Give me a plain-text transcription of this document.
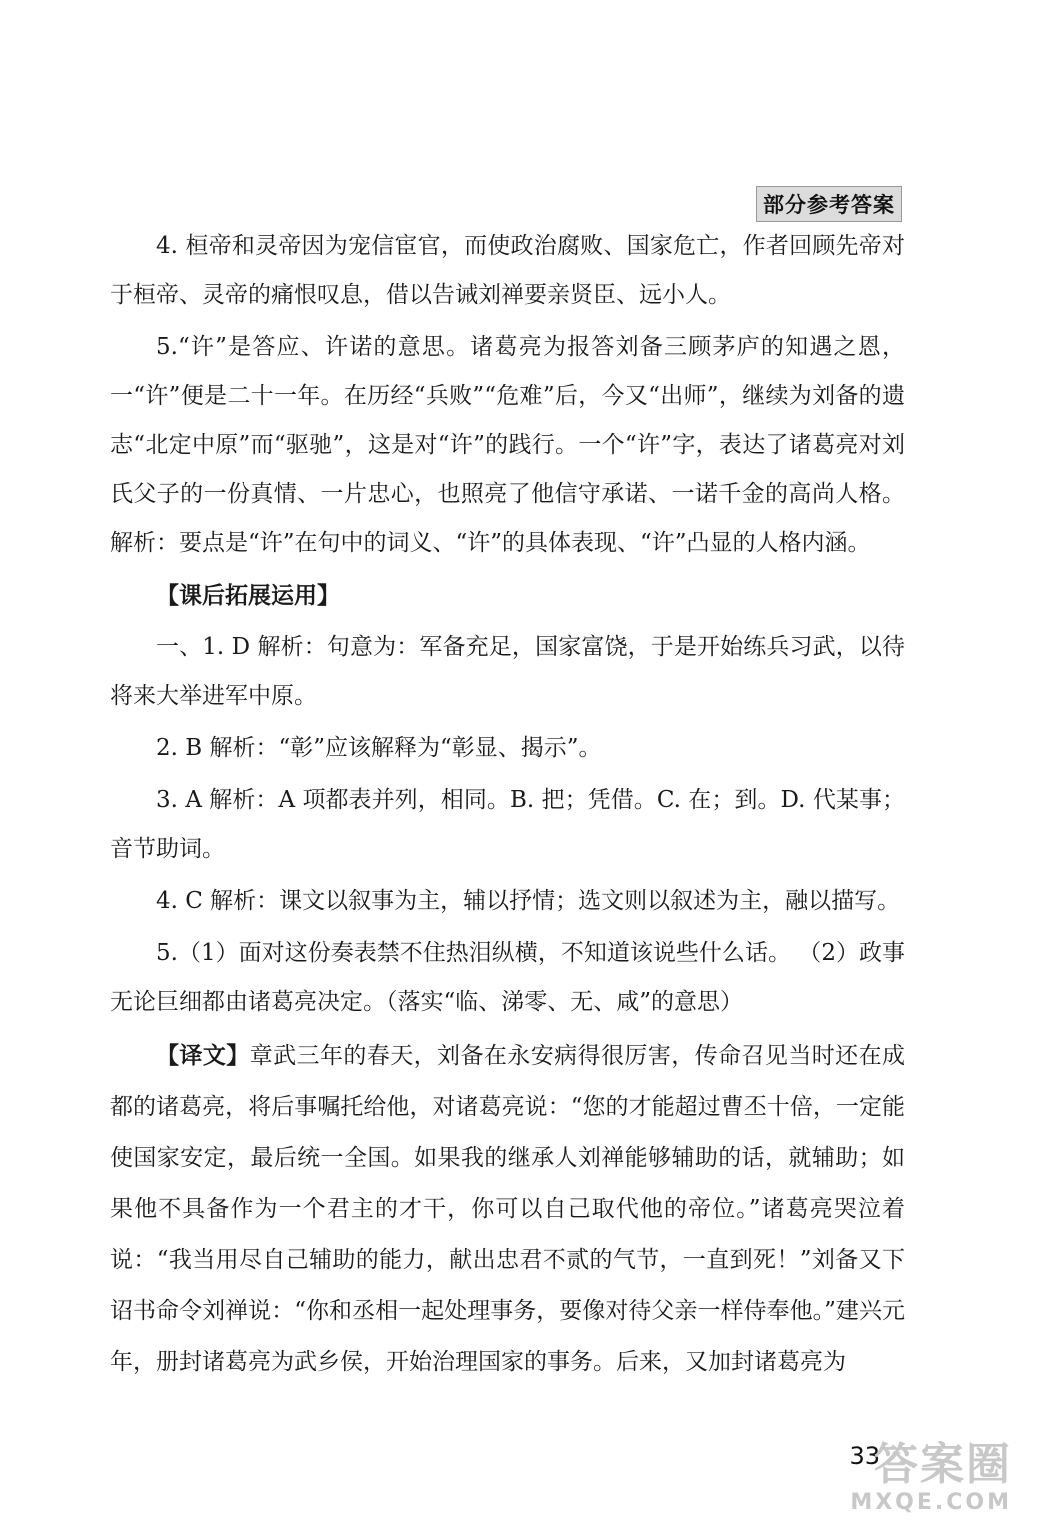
部分参考答案

4. 桓帝和灵帝因为宠信宦官，而使政治腐败、国家危亡，作者回顾先帝对于桓帝、灵帝的痛恨叹息，借以告诫刘禅要亲贤臣、远小人。

5.“许”是答应、许诺的意思。诸葛亮为报答刘备三顾茅庐的知遇之恩，一“许”便是二十一年。在历经“兵败”“危难”后，今又“出师”，继续为刘备的遗志“北定中原”而“驱驰”，这是对“许”的践行。一个“许”字，表达了诸葛亮对刘氏父子的一份真情、一片忠心，也照亮了他信守承诺、一诺千金的高尚人格。 解析：要点是“许”在句中的词义、“许”的具体表现、“许”凸显的人格内涵。

【课后拓展运用】

一、1. D 解析：句意为：军备充足，国家富饶，于是开始练兵习武，以待将来大举进军中原。

2. B 解析：“彰”应该解释为“彰显、揭示”。

3. A 解析：A 项都表并列，相同。B. 把；凭借。C. 在；到。D. 代某事；音节助词。

4. C 解析：课文以叙事为主，辅以抒情；选文则以叙述为主，融以描写。

5.（1）面对这份奏表禁不住热泪纵横，不知道该说些什么话。 （2）政事无论巨细都由诸葛亮决定。（落实“临、涕零、无、咸”的意思）

【译文】章武三年的春天，刘备在永安病得很厉害，传命召见当时还在成都的诸葛亮，将后事嘱托给他，对诸葛亮说：“您的才能超过曹丕十倍，一定能使国家安定，最后统一全国。如果我的继承人刘禅能够辅助的话，就辅助；如果他不具备作为一个君主的才干，你可以自己取代他的帝位。”诸葛亮哭泣着说：“我当用尽自己辅助的能力，献出忠君不贰的气节，一直到死！”刘备又下诏书命令刘禅说：“你和丞相一起处理事务，要像对待父亲一样侍奉他。”建兴元年，册封诸葛亮为武乡侯，开始治理国家的事务。后来，又加封诸葛亮为

33
答案圈
MXQE.COM
